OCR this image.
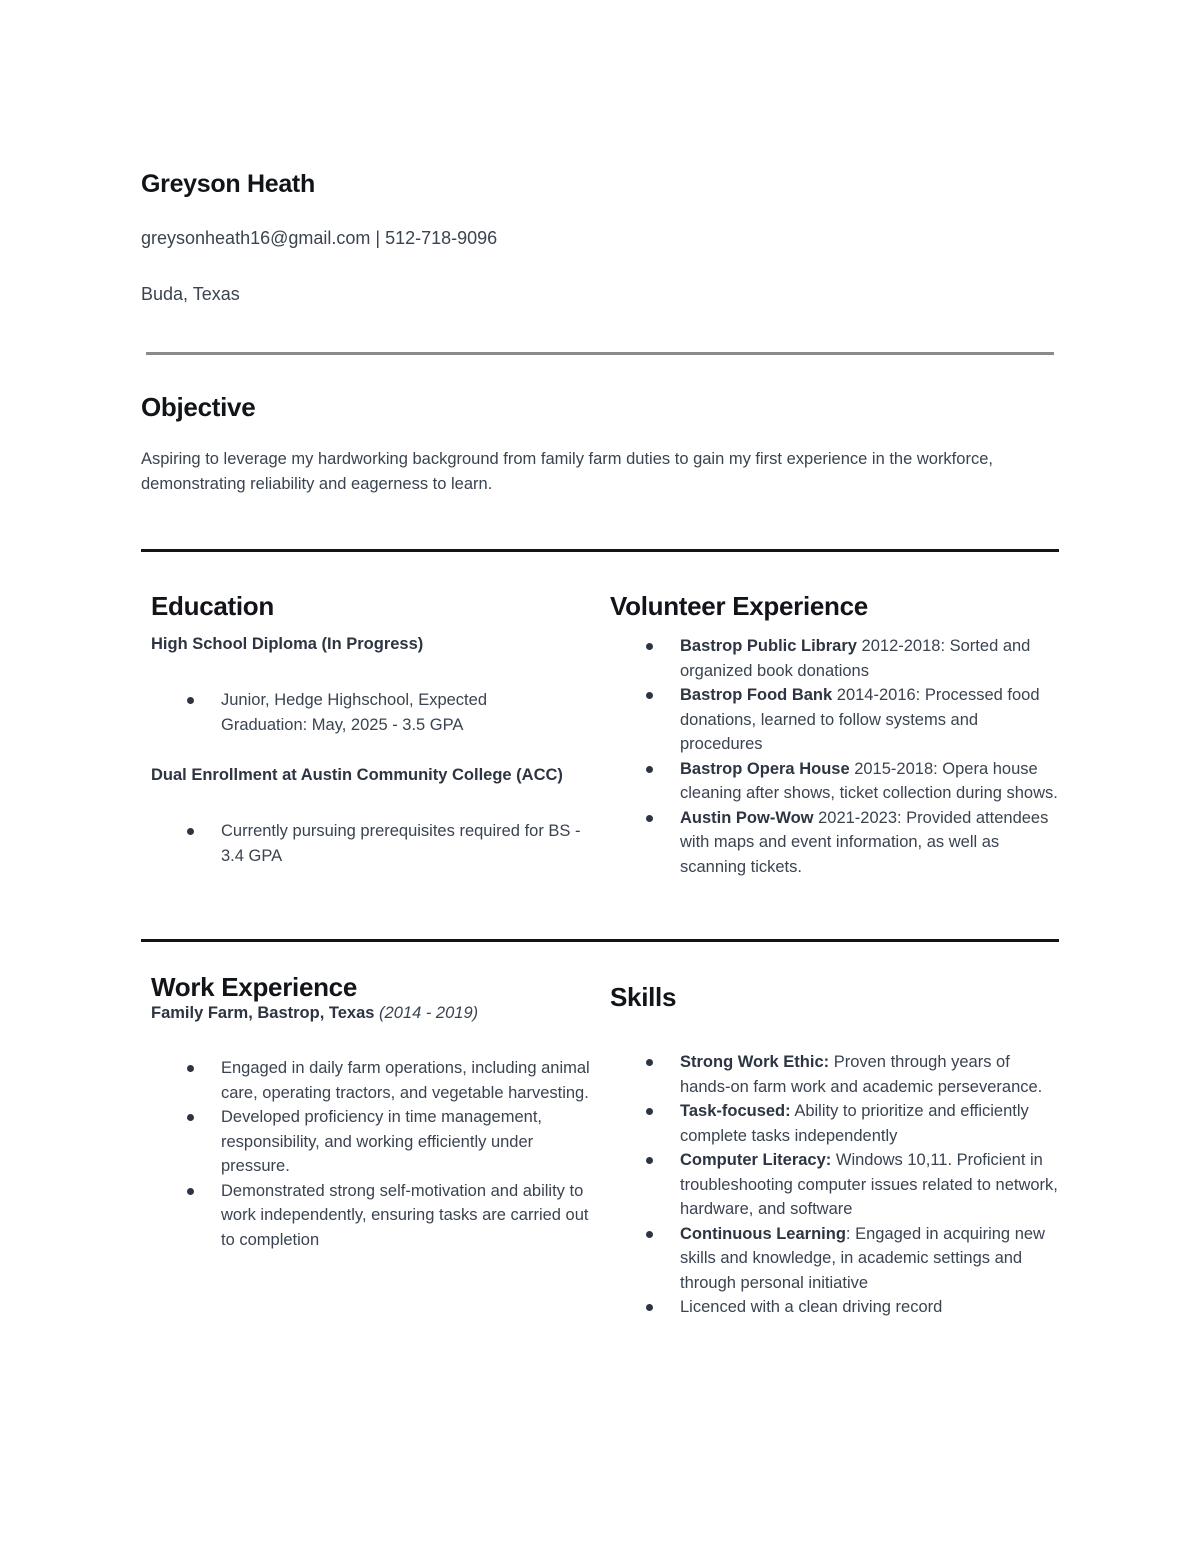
Greyson Heath
greysonheath16@gmail.com | 512-718-9096
Buda, Texas
Objective
Aspiring to leverage my hardworking background from family farm duties to gain my first experience in the workforce, demonstrating reliability and eagerness to learn.
Education
High School Diploma (In Progress)
Junior, Hedge Highschool, Expected Graduation: May, 2025 - 3.5 GPA
Dual Enrollment at Austin Community College (ACC)
Currently pursuing prerequisites required for BS - 3.4 GPA
Volunteer Experience
Bastrop Public Library 2012-2018: Sorted and organized book donations
Bastrop Food Bank 2014-2016: Processed food donations, learned to follow systems and procedures
Bastrop Opera House 2015-2018: Opera house cleaning after shows, ticket collection during shows.
Austin Pow-Wow 2021-2023: Provided attendees with maps and event information, as well as scanning tickets.
Work Experience
Family Farm, Bastrop, Texas (2014 - 2019)
Engaged in daily farm operations, including animal care, operating tractors, and vegetable harvesting.
Developed proficiency in time management, responsibility, and working efficiently under pressure.
Demonstrated strong self-motivation and ability to work independently, ensuring tasks are carried out to completion
Skills
Strong Work Ethic: Proven through years of hands-on farm work and academic perseverance.
Task-focused: Ability to prioritize and efficiently complete tasks independently
Computer Literacy: Windows 10,11. Proficient in troubleshooting computer issues related to network, hardware, and software
Continuous Learning: Engaged in acquiring new skills and knowledge, in academic settings and through personal initiative
Licenced with a clean driving record
